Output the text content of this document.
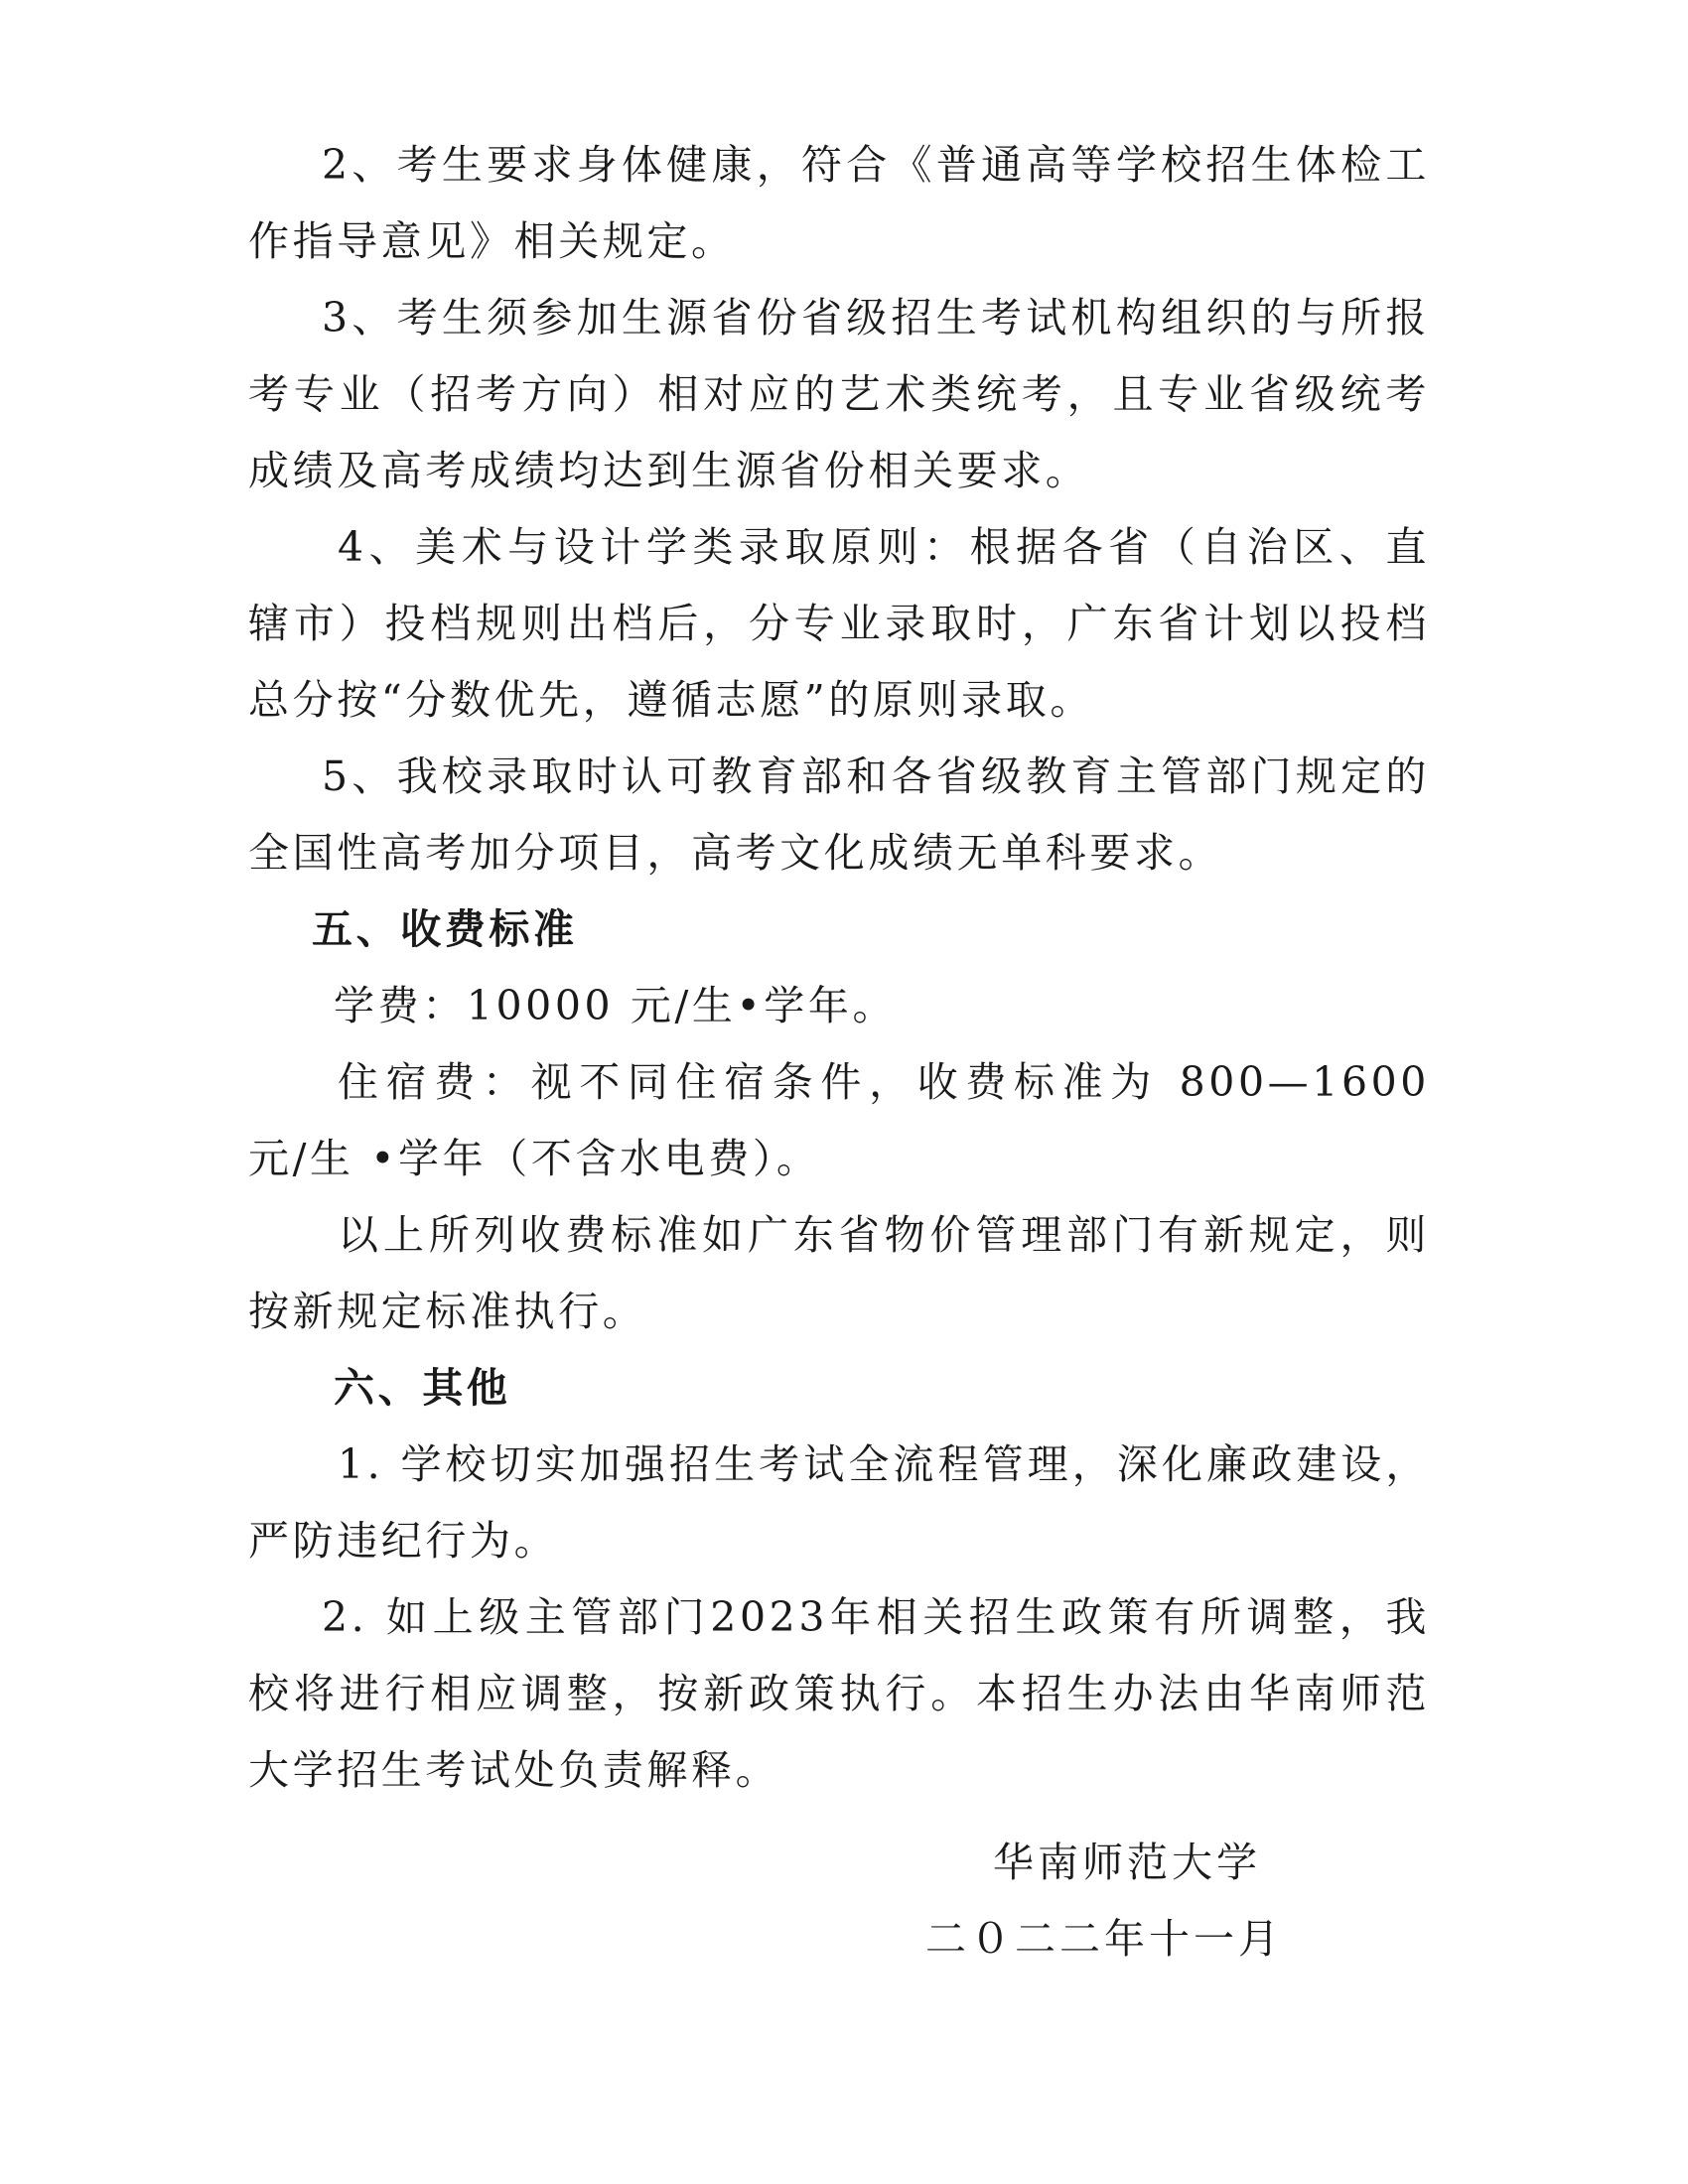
2、考生要求身体健康，符合《普通高等学校招生体检工作指导意见》相关规定。

3、考生须参加生源省份省级招生考试机构组织的与所报考专业（招考方向）相对应的艺术类统考，且专业省级统考成绩及高考成绩均达到生源省份相关要求。

4、美术与设计学类录取原则：根据各省（自治区、直辖市）投档规则出档后，分专业录取时，广东省计划以投档总分按“分数优先，遵循志愿”的原则录取。

5、我校录取时认可教育部和各省级教育主管部门规定的全国性高考加分项目，高考文化成绩无单科要求。

五、收费标准

学费：10000 元/生•学年。

住宿费：视不同住宿条件，收费标准为 800—1600 元/生 •学年（不含水电费）。

以上所列收费标准如广东省物价管理部门有新规定，则按新规定标准执行。

六、其他

1. 学校切实加强招生考试全流程管理，深化廉政建设，严防违纪行为。

2. 如上级主管部门2023年相关招生政策有所调整，我校将进行相应调整，按新政策执行。本招生办法由华南师范大学招生考试处负责解释。

华南师范大学
二０二二年十一月
